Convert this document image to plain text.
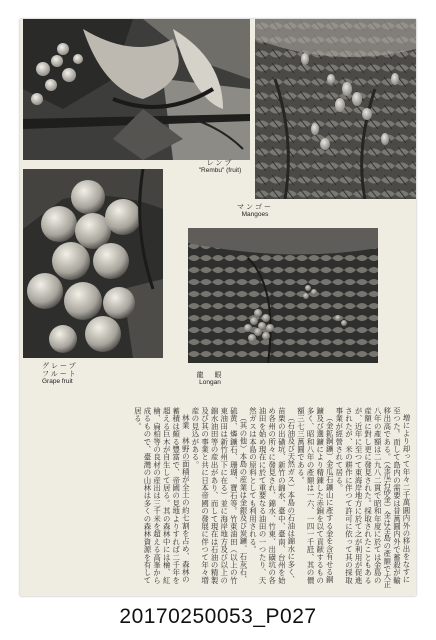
レンブ
"Rembu" (fruit)
マンゴー
Mangoes
グレープ
フルート
Grape fruit
龍　眼
Longan

増により却って年々二千萬圓内外の移出をなすに至つた。而して島内の需要は昔萬圓内外で蓄殺が輸移出高である。（金瓜石砂金）金は全島の產額で大正八年の產額は二九八二貫で昭和年度に於ては金島の産額に對し更に發見された。採取されたこともあるが、近年に至つて東海岸地方に於て之が利用が促進されたが、米の耕作に伴つて許可に依って其の採取事業が經營されて居る。

（金鉱銅鑛）金瓜石鑛山に產する金を含有せる銅鑛及び選鑛により精錬した赤銅を以て貢献するもの多く、昭和八年の產額は一六、一四一千瓩、其の價額三七三萬圓である。

（石油及び天然ガス）本島の石油は錦水に多く、苗栗の出磺坑、新竹の錦水、臺中、臺南、台州を始め各州の所々に發見され、錦水、竹東、出磺坑の各油田を始め現在に於て重要なる油田の一つたり、天然ガスは本島の原料としても利用される。

（其の他）本島の産業は金銀及び炭鑛、石灰石、硫黄、燐鑛石、珊瑚、寶石等。竹東油田（以上の竹東油田は新竹州下に在る）並に海岸地方及び以上の錦水油田等の産出があり、而して現在は石油の精製及び其の事業と共に日本帝國の發展に伴つて年々増産の見込がある。

林業　林野の面積が全土の約七割を占め、森林の蓄積は頗る豐富で、帝國の見地よりすれば二千年を超える巨木が自生して居る。其の森林中には檜、紅檜、扁柏等の良材の産出は三千米を超える高峯から成るもので、臺灣の山林は多くの森林資源を有して居る。

20170250053_P027
